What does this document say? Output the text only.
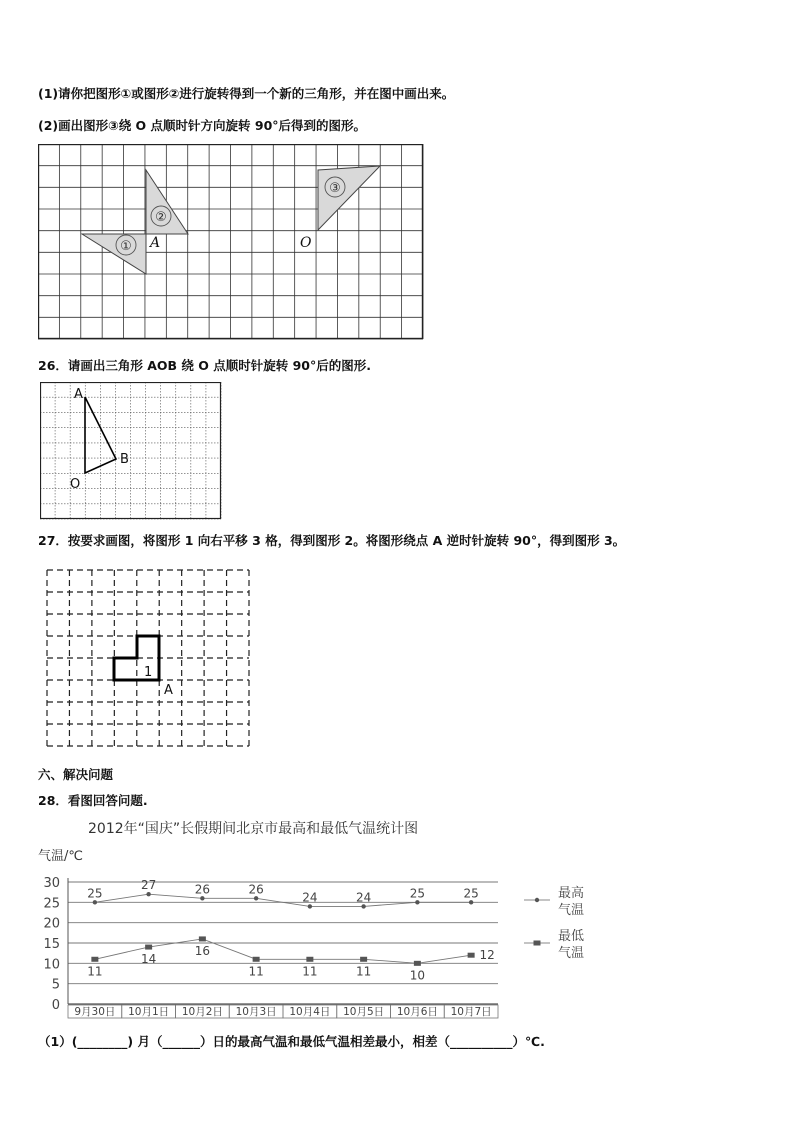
(1)请你把图形①或图形②进行旋转得到一个新的三角形，并在图中画出来。
(2)画出图形③绕 O 点顺时针方向旋转 90°后得到的图形。
①
②
③
A	O
26．请画出三角形 AOB 绕 O 点顺时针旋转 90°后的图形.
A
B
O
27．按要求画图，将图形 1 向右平移 3 格，得到图形 2。将图形绕点 A 逆时针旋转 90°，得到图形 3。
1
A
六、解决问题
28．看图回答问题.
2012年“国庆”长假期间北京市最高和最低气温统计图
气温/℃
0
5
10
15
20
25
30
9月30日 10月1日 10月2日 10月3日 10月4日 10月5日 10月6日 10月7日
25
27	26	26
24	24	25	25
11
14
16
11	11	11	10
12
最高
气温
最低
气温
（1）(________) 月（______）日的最高气温和最低气温相差最小，相差（__________）℃.
